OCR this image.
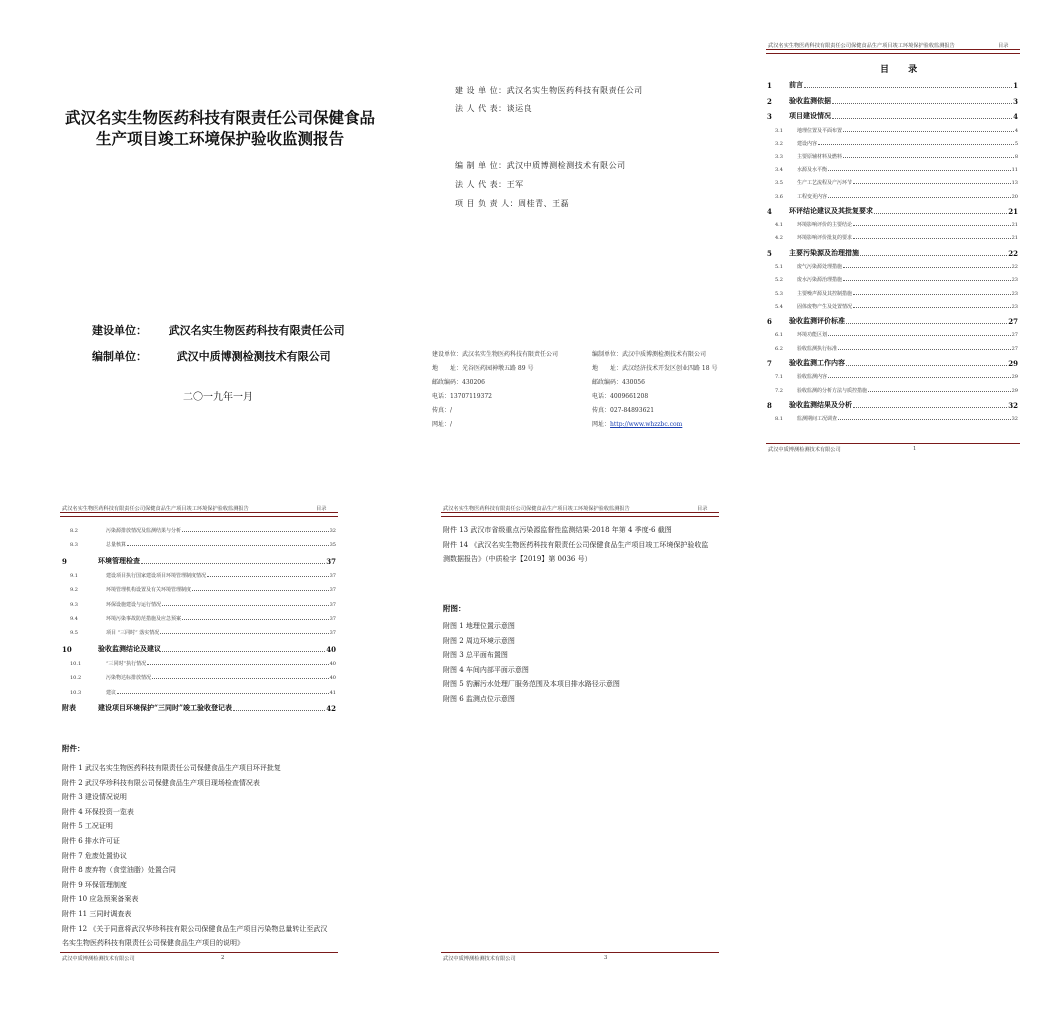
武汉名实生物医药科技有限责任公司保健食品
生产项目竣工环境保护验收监测报告
建设单位： 武汉名实生物医药科技有限责任公司
编制单位：	武汉中质博测检测技术有限公司
二〇一九年一月
建 设 单 位：武汉名实生物医药科技有限责任公司
法 人 代 表：谈运良
编 制 单 位：武汉中质博测检测技术有限公司
法 人 代 表：王军
项 目 负 责 人：周桂青、王磊
建设单位：武汉名实生物医药科技有限责任公司
地　　址：光谷医药园神墩五路 89 号
邮政编码：430206
电话：13707119372
传真：/
网址：/
编制单位：武汉中质博测检测技术有限公司
地　　址：武汉经济技术开发区创业四路 18 号
邮政编码：430056
电话：4009661208
传真：027-84893621
网址：http://www.whzzbc.com
武汉名实生物医药科技有限责任公司保健食品生产项目竣工环境保护验收监测报告	目录
目 录
1	前言	1
2	验收监测依据	3
3	项目建设情况	4
3.1	地理位置及平面布置	4
3.2	建设内容	5
3.3	主要原辅材料及燃料	8
3.4	水源及水平衡	11
3.5	生产工艺流程及产污环节	13
3.6	工程变更内容	20
4	环评结论建议及其批复要求	21
4.1	环境影响评价的主要结论	21
4.2	环境影响评价批复的要求	21
5	主要污染源及治理措施	22
5.1	废气污染源处理措施	22
5.2	废水污染源治理措施	23
5.3	主要噪声源及其控制措施	23
5.4	固体废物产生及处置情况	23
6	验收监测评价标准	27
6.1	环境功能区划	27
6.2	验收监测执行标准	27
7	验收监测工作内容	29
7.1	验收监测内容	29
7.2	验收监测的分析方法与质控措施	29
8	验收监测结果及分析	32
8.1	监测期间工况调查	32
武汉中质博测检测技术有限公司	1
武汉名实生物医药科技有限责任公司保健食品生产项目竣工环境保护验收监测报告	目录
8.2	污染源排放情况及监测结果与分析	32
8.3	总量核算	35
9	环境管理检查	37
9.1	建设项目执行国家建设项目环境管理制度情况	37
9.2	环境管理机构设置及有关环境管理制度	37
9.3	环保设施建设与运行情况	37
9.4	环境污染事故防范措施及应急预案	37
9.5	项目 “三同时” 落实情况	37
10	验收监测结论及建议	40
10.1	“三同时”执行情况	40
10.2	污染物达标排放情况	40
10.3	建议	41
附表	建设项目环境保护“三同时”竣工验收登记表	42
附件：
附件 1 武汉名实生物医药科技有限责任公司保健食品生产项目环评批复
附件 2 武汉华珍科技有限公司保健食品生产项目现场检查情况表
附件 3 建设情况说明
附件 4 环保投资一览表
附件 5 工况证明
附件 6 排水许可证
附件 7 危废处置协议
附件 8 废弃物（食堂油脂）处置合同
附件 9 环保管理制度
附件 10 应急预案备案表
附件 11 三同时调查表
附件 12 《关于同意将武汉华珍科技有限公司保健食品生产项目污染物总量转让至武汉
名实生物医药科技有限责任公司保健食品生产项目的说明》
武汉中质博测检测技术有限公司	2
武汉名实生物医药科技有限责任公司保健食品生产项目竣工环境保护验收监测报告	目录
附件 13 武汉市省级重点污染源监督性监测结果-2018 年第 4 季度-6 截图
附件 14 《武汉名实生物医药科技有限责任公司保健食品生产项目竣工环境保护验收监
测数据报告》（中质检字【2019】第 0036 号）
附图：
附图 1 地理位置示意图
附图 2 周边环境示意图
附图 3 总平面布置图
附图 4 车间内部平面示意图
附图 5 豹澥污水处理厂服务范围及本项目排水路径示意图
附图 6 监测点位示意图
武汉中质博测检测技术有限公司	3
